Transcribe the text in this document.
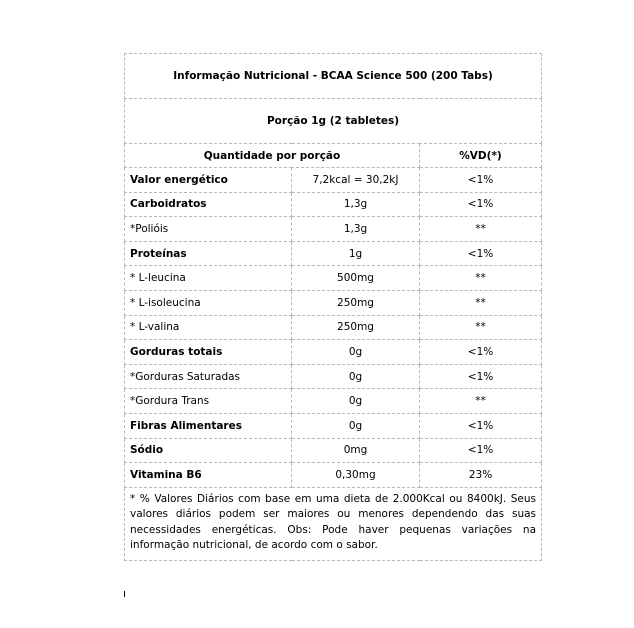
Informação Nutricional - BCAA Science 500 (200 Tabs)		
Porção 1g (2 tabletes)		
Quantidade por porção		%VD(*)
Valor energético	7,2kcal = 30,2kJ	<1%
Carboidratos	1,3g	<1%
*Polióis	1,3g	**
Proteínas	1g	<1%
* L-leucina	500mg	**
* L-isoleucina	250mg	**
* L-valina	250mg	**
Gorduras totais	0g	<1%
*Gorduras Saturadas	0g	<1%
*Gordura Trans	0g	**
Fibras Alimentares	0g	<1%
Sódio	0mg	<1%
Vitamina B6	0,30mg	23%
* % Valores Diários com base em uma dieta de 2.000Kcal ou 8400kJ. Seus valores diários podem ser maiores ou menores dependendo das suas necessidades energéticas. Obs: Pode haver pequenas variações na informação nutricional, de acordo com o sabor.		
